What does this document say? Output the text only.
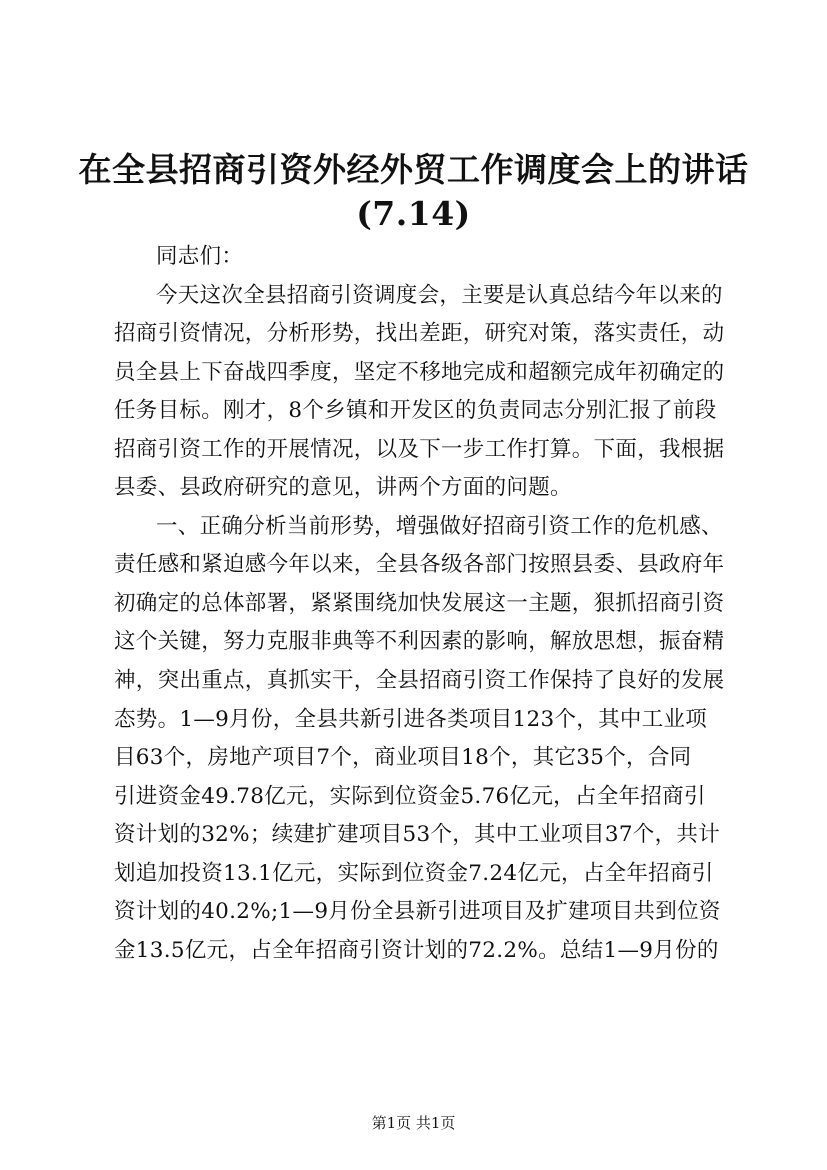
在全县招商引资外经外贸工作调度会上的讲话
(7.14)
同志们：
今天这次全县招商引资调度会，主要是认真总结今年以来的
招商引资情况，分析形势，找出差距，研究对策，落实责任，动
员全县上下奋战四季度，坚定不移地完成和超额完成年初确定的
任务目标。刚才，8个乡镇和开发区的负责同志分别汇报了前段
招商引资工作的开展情况，以及下一步工作打算。下面，我根据
县委、县政府研究的意见，讲两个方面的问题。
一、正确分析当前形势，增强做好招商引资工作的危机感、
责任感和紧迫感今年以来，全县各级各部门按照县委、县政府年
初确定的总体部署，紧紧围绕加快发展这一主题，狠抓招商引资
这个关键，努力克服非典等不利因素的影响，解放思想，振奋精
神，突出重点，真抓实干，全县招商引资工作保持了良好的发展
态势。1—9月份，全县共新引进各类项目123个，其中工业项
目63个，房地产项目7个，商业项目18个，其它35个，合同
引进资金49.78亿元，实际到位资金5.76亿元，占全年招商引
资计划的32%；续建扩建项目53个，其中工业项目37个，共计
划追加投资13.1亿元，实际到位资金7.24亿元，占全年招商引
资计划的40.2%;1—9月份全县新引进项目及扩建项目共到位资
金13.5亿元，占全年招商引资计划的72.2%。总结1—9月份的
第1页 共1页
